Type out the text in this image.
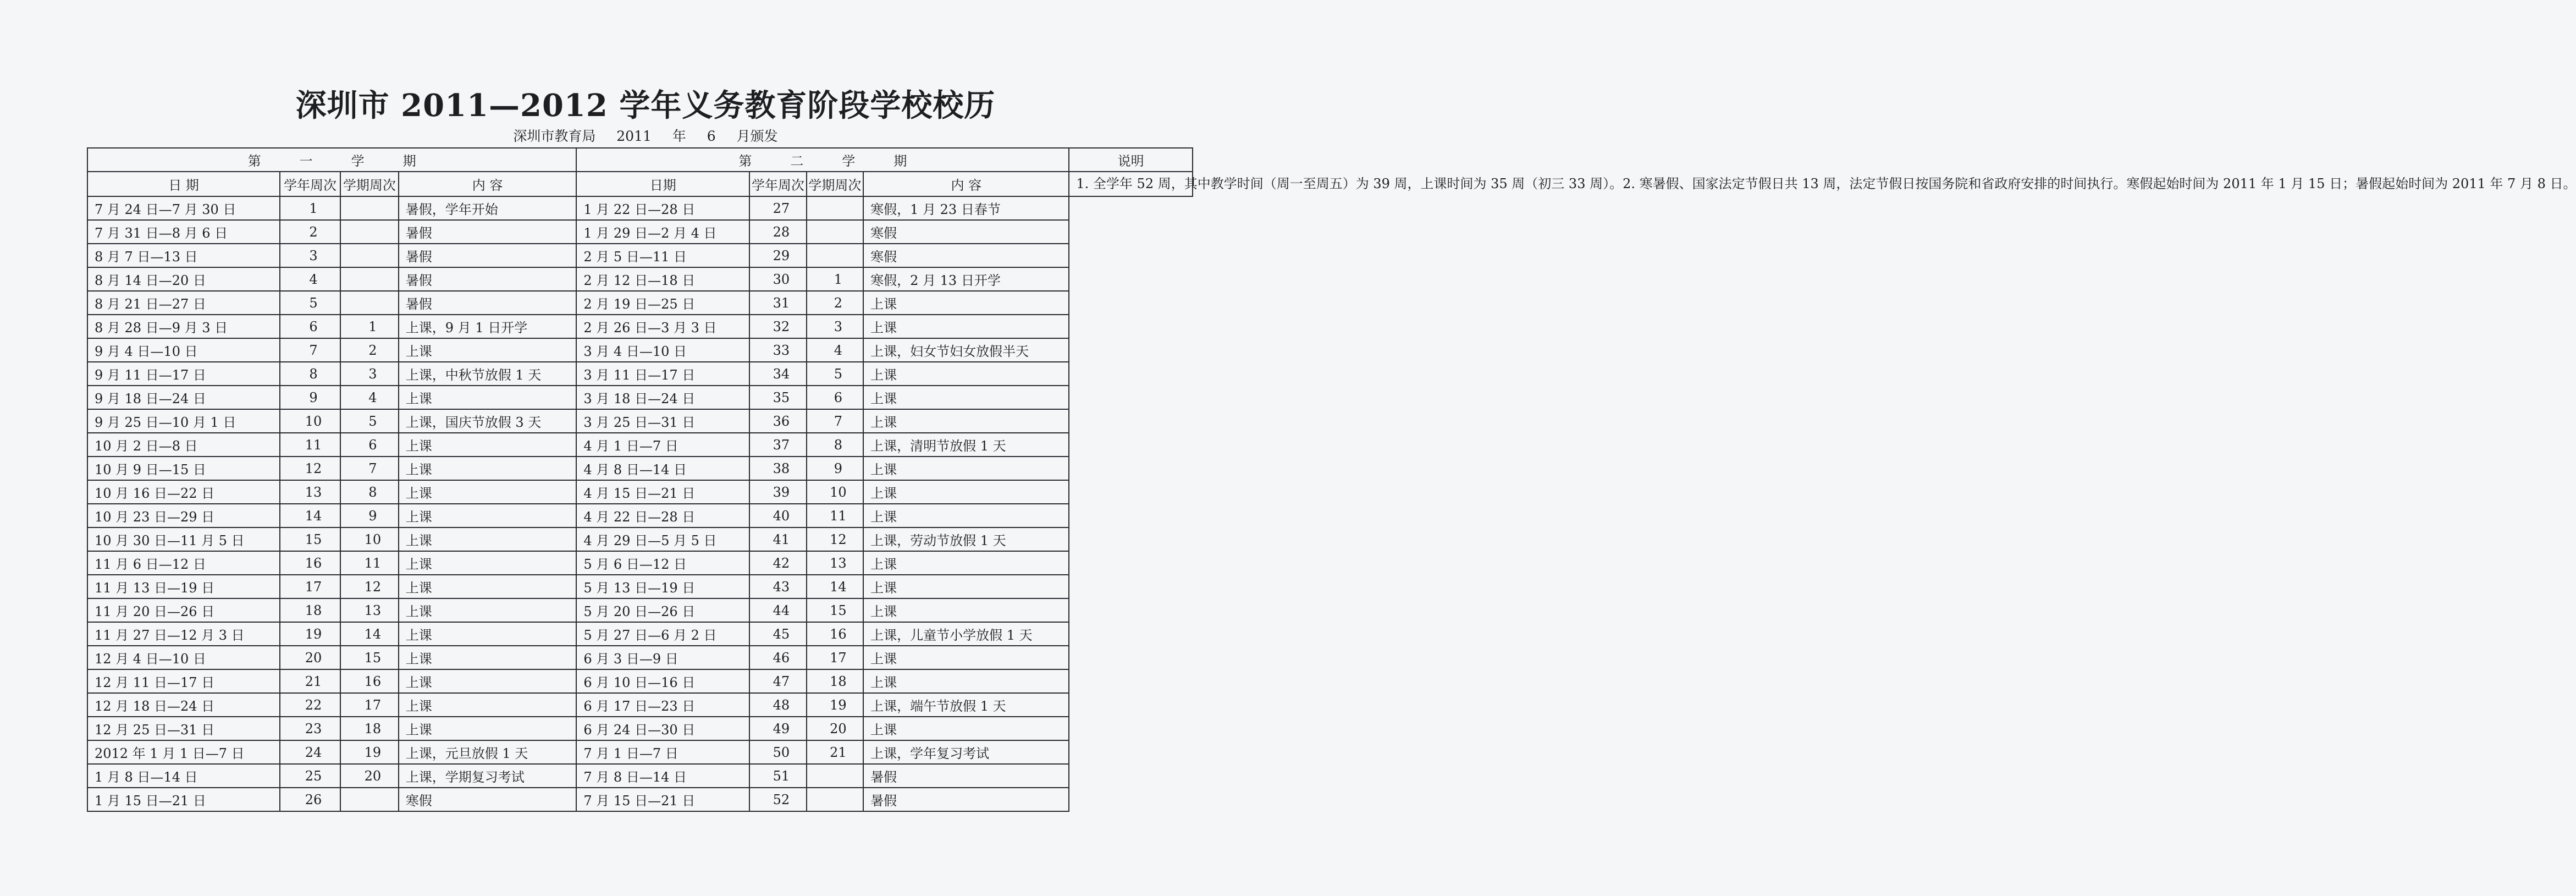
深圳市 2011—2012 学年义务教育阶段学校校历
深圳市教育局 2011 年 6 月颁发
第一学期				第二学期				说明
日 期	学年周次	学期周次	内 容	日期	学年周次	学期周次	内 容	1. 全学年 52 周，其中教学时间（周一至周五）为 39 周，上课时间为 35 周（初三 33 周）。2. 寒暑假、国家法定节假日共 13 周，法定节假日按国务院和省政府安排的时间执行。寒假起始时间为 2011 年 1 月 15 日；暑假起始时间为 2011 年 7 月 8 日。
7 月 24 日—7 月 30 日	1		暑假，学年开始	1 月 22 日—28 日	27		寒假，1 月 23 日春节	
7 月 31 日—8 月 6 日	2		暑假	1 月 29 日—2 月 4 日	28		寒假	
8 月 7 日—13 日	3		暑假	2 月 5 日—11 日	29		寒假	
8 月 14 日—20 日	4		暑假	2 月 12 日—18 日	30	1	寒假，2 月 13 日开学	
8 月 21 日—27 日	5		暑假	2 月 19 日—25 日	31	2	上课	
8 月 28 日—9 月 3 日	6	1	上课，9 月 1 日开学	2 月 26 日—3 月 3 日	32	3	上课	
9 月 4 日—10 日	7	2	上课	3 月 4 日—10 日	33	4	上课，妇女节妇女放假半天	
9 月 11 日—17 日	8	3	上课，中秋节放假 1 天	3 月 11 日—17 日	34	5	上课	
9 月 18 日—24 日	9	4	上课	3 月 18 日—24 日	35	6	上课	
9 月 25 日—10 月 1 日	10	5	上课，国庆节放假 3 天	3 月 25 日—31 日	36	7	上课	
10 月 2 日—8 日	11	6	上课	4 月 1 日—7 日	37	8	上课，清明节放假 1 天	
10 月 9 日—15 日	12	7	上课	4 月 8 日—14 日	38	9	上课	
10 月 16 日—22 日	13	8	上课	4 月 15 日—21 日	39	10	上课	
10 月 23 日—29 日	14	9	上课	4 月 22 日—28 日	40	11	上课	
10 月 30 日—11 月 5 日	15	10	上课	4 月 29 日—5 月 5 日	41	12	上课，劳动节放假 1 天	
11 月 6 日—12 日	16	11	上课	5 月 6 日—12 日	42	13	上课	
11 月 13 日—19 日	17	12	上课	5 月 13 日—19 日	43	14	上课	
11 月 20 日—26 日	18	13	上课	5 月 20 日—26 日	44	15	上课	
11 月 27 日—12 月 3 日	19	14	上课	5 月 27 日—6 月 2 日	45	16	上课，儿童节小学放假 1 天	
12 月 4 日—10 日	20	15	上课	6 月 3 日—9 日	46	17	上课	
12 月 11 日—17 日	21	16	上课	6 月 10 日—16 日	47	18	上课	
12 月 18 日—24 日	22	17	上课	6 月 17 日—23 日	48	19	上课，端午节放假 1 天	
12 月 25 日—31 日	23	18	上课	6 月 24 日—30 日	49	20	上课	
2012 年 1 月 1 日—7 日	24	19	上课，元旦放假 1 天	7 月 1 日—7 日	50	21	上课，学年复习考试	
1 月 8 日—14 日	25	20	上课，学期复习考试	7 月 8 日—14 日	51		暑假	
1 月 15 日—21 日	26		寒假	7 月 15 日—21 日	52		暑假	
